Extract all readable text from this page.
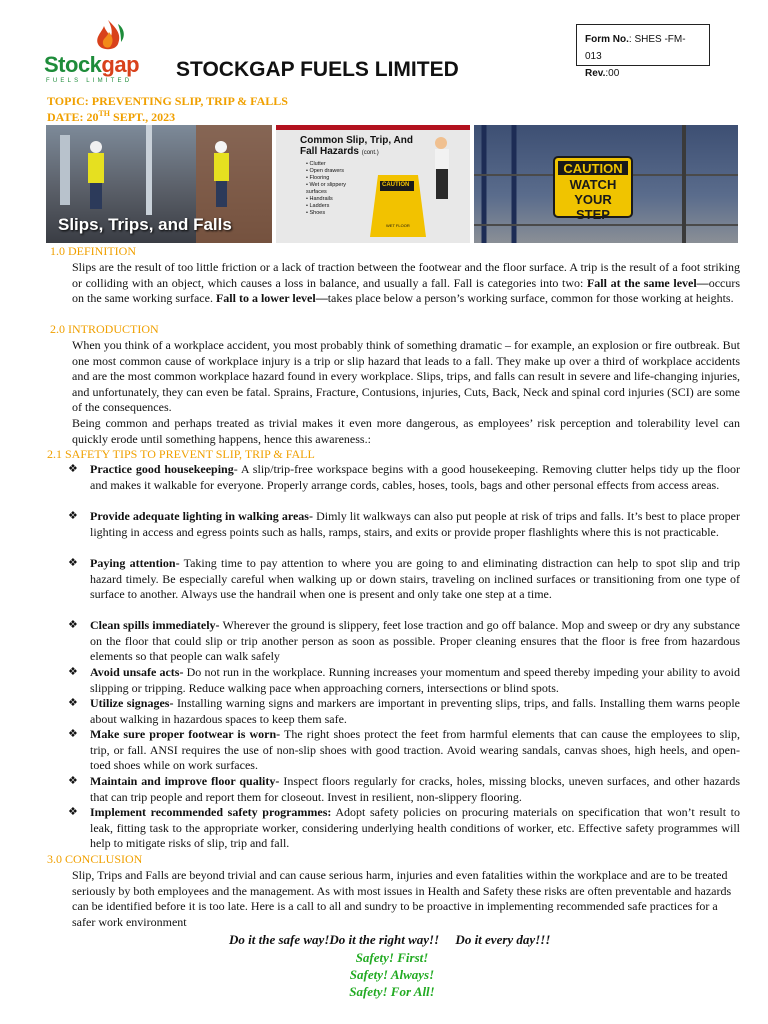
Stockgap
FUELS LIMITED STOCKGAP FUELS LIMITED
Form No.: SHES -FM-013
Rev.:00
TOPIC: PREVENTING SLIP, TRIP & FALLS
DATE: 20TH SEPT., 2023
Slips, Trips, and Falls
Common Slip, Trip, And Fall Hazards (cont.)
• Clutter
• Open drawers
• Flooring
• Wet or slippery surfaces
• Handrails
• Ladders
• Shoes
CAUTION
WET FLOOR
CAUTION
WATCH
YOUR STEP
1.0 DEFINITION
Slips are the result of too little friction or a lack of traction between the footwear and the floor surface. A trip is the result of a foot striking or colliding with an object, which causes a loss in balance, and usually a fall. Fall is categories into two: Fall at the same level—occurs on the same working surface. Fall to a lower level—takes place below a person’s working surface, common for those working at heights.
2.0 INTRODUCTION
When you think of a workplace accident, you most probably think of something dramatic – for example, an explosion or fire outbreak. But one most common cause of workplace injury is a trip or slip hazard that leads to a fall. They make up over a third of workplace accidents and are the most common workplace hazard found in every workplace. Slips, trips, and falls can result in severe and life-changing injuries, and unfortunately, they can even be fatal. Sprains, Fracture, Contusions, injuries, Cuts, Back, Neck and spinal cord injuries (SCI) are some of the consequences.
Being common and perhaps treated as trivial makes it even more dangerous, as employees’ risk perception and tolerability level can quickly erode until something happens, hence this awareness.:
2.1 SAFETY TIPS TO PREVENT SLIP, TRIP & FALL
❖ Practice good housekeeping- A slip/trip-free workspace begins with a good housekeeping. Removing clutter helps tidy up the floor and makes it walkable for everyone. Properly arrange cords, cables, hoses, tools, bags and other personal effects from access areas.
❖ Provide adequate lighting in walking areas- Dimly lit walkways can also put people at risk of trips and falls. It’s best to place proper lighting in access and egress points such as halls, ramps, stairs, and exits or provide proper flashlights where this is not practicable.
❖ Paying attention- Taking time to pay attention to where you are going to and eliminating distraction can help to spot slip and trip hazard timely. Be especially careful when walking up or down stairs, traveling on inclined surfaces or transitioning from one type of surface to another. Always use the handrail when one is present and only take one step at a time.
❖ Clean spills immediately- Wherever the ground is slippery, feet lose traction and go off balance. Mop and sweep or dry any substance on the floor that could slip or trip another person as soon as possible. Proper cleaning ensures that the floor is free from hazardous elements so that people can walk safely
❖ Avoid unsafe acts- Do not run in the workplace. Running increases your momentum and speed thereby impeding your ability to avoid slipping or tripping. Reduce walking pace when approaching corners, intersections or blind spots.
❖ Utilize signages- Installing warning signs and markers are important in preventing slips, trips, and falls. Installing them warns people about walking in hazardous spaces to keep them safe.
❖ Make sure proper footwear is worn- The right shoes protect the feet from harmful elements that can cause the employees to slip, trip, or fall. ANSI requires the use of non-slip shoes with good traction. Avoid wearing sandals, canvas shoes, high heels, and open-toed shoes while on work surfaces.
❖ Maintain and improve floor quality- Inspect floors regularly for cracks, holes, missing blocks, uneven surfaces, and other hazards that can trip people and report them for closeout. Invest in resilient, non-slippery flooring.
❖ Implement recommended safety programmes: Adopt safety policies on procuring materials on specification that won’t result to leak, fitting task to the appropriate worker, considering underlying health conditions of worker, etc. Effective safety programmes will help to mitigate risks of slip, trip and fall.
3.0 CONCLUSION
Slip, Trips and Falls are beyond trivial and can cause serious harm, injuries and even fatalities within the workplace and are to be treated seriously by both employees and the management. As with most issues in Health and Safety these risks are often preventable and hazards can be identified before it is too late. Here is a call to all and sundry to be proactive in implementing recommended safe practices for a safer work environment
Do it the safe way!Do it the right way!!     Do it every day!!!
Safety! First!
Safety! Always!
Safety! For All!
